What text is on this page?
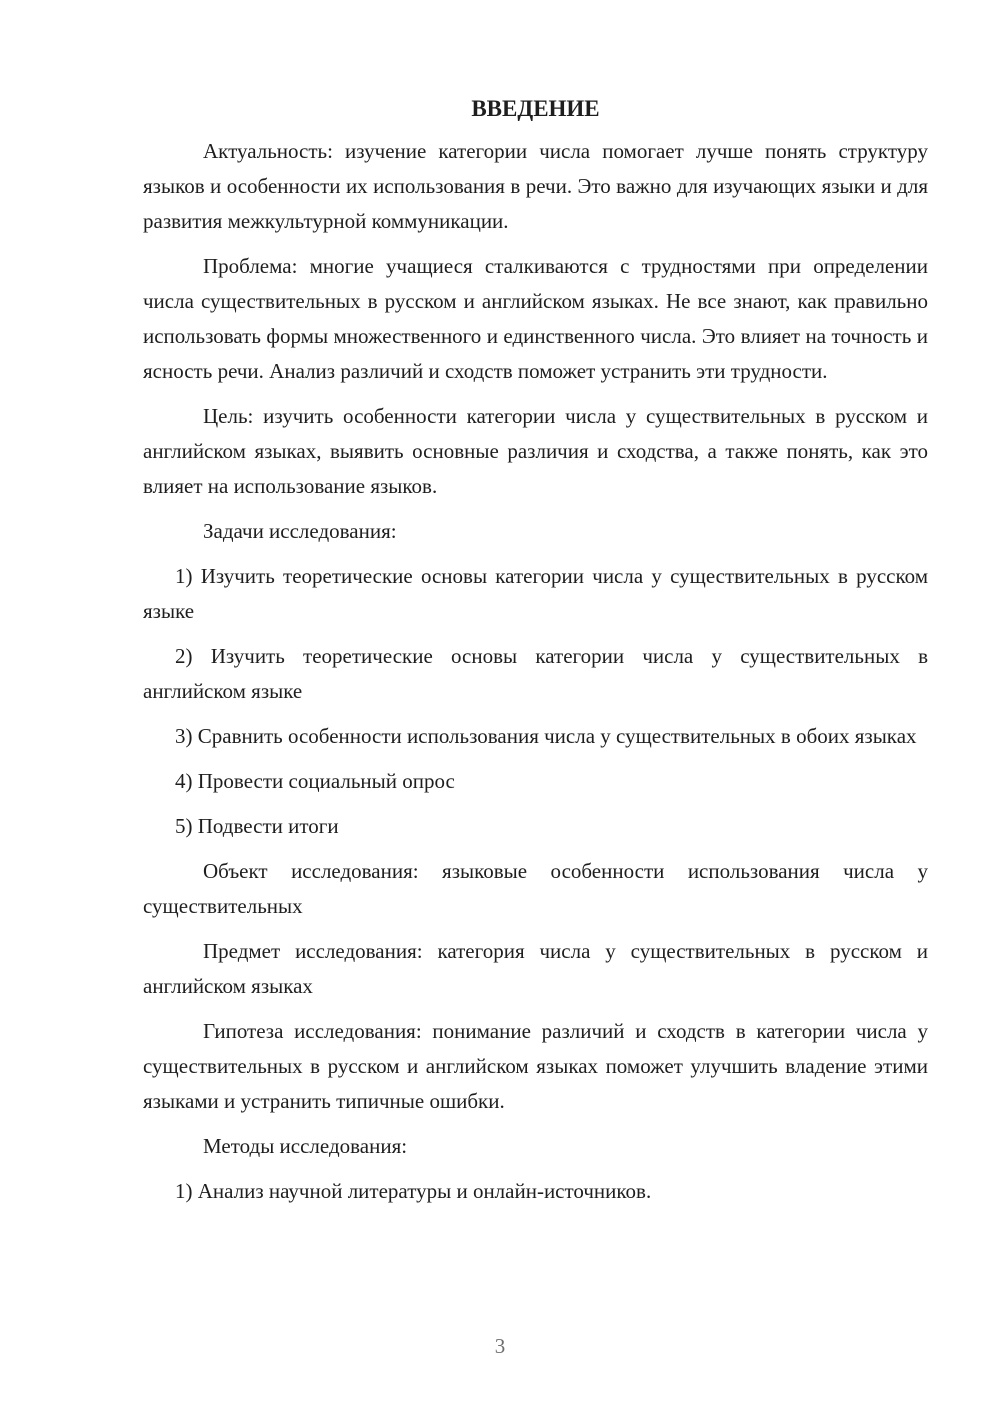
ВВЕДЕНИЕ

Актуальность: изучение категории числа помогает лучше понять структуру языков и особенности их использования в речи. Это важно для изучающих языки и для развития межкультурной коммуникации.

Проблема: многие учащиеся сталкиваются с трудностями при определении числа существительных в русском и английском языках. Не все знают, как правильно использовать формы множественного и единственного числа. Это влияет на точность и ясность речи. Анализ различий и сходств поможет устранить эти трудности.

Цель: изучить особенности категории числа у существительных в русском и английском языках, выявить основные различия и сходства, а также понять, как это влияет на использование языков.

Задачи исследования:

1) Изучить теоретические основы категории числа у существительных в русском языке

2) Изучить теоретические основы категории числа у существительных в английском языке

3) Сравнить особенности использования числа у существительных в обоих языках

4) Провести социальный опрос

5) Подвести итоги

Объект исследования: языковые особенности использования числа у существительных

Предмет исследования: категория числа у существительных в русском и английском языках

Гипотеза исследования: понимание различий и сходств в категории числа у существительных в русском и английском языках поможет улучшить владение этими языками и устранить типичные ошибки.

Методы исследования:

1) Анализ научной литературы и онлайн-источников.

3
